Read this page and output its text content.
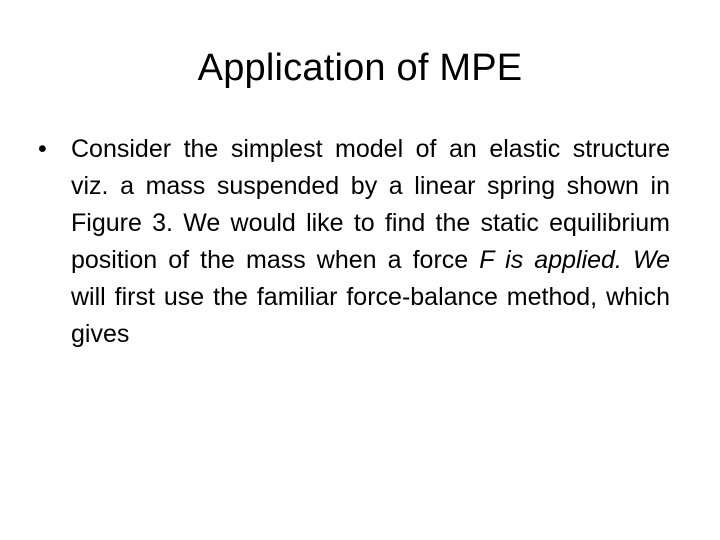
Application of MPE
• Consider the simplest model of an elastic structure viz. a mass suspended by a linear spring shown in Figure 3. We would like to find the static equilibrium position of the mass when a force F is applied. We will first use the familiar force-balance method, which gives
